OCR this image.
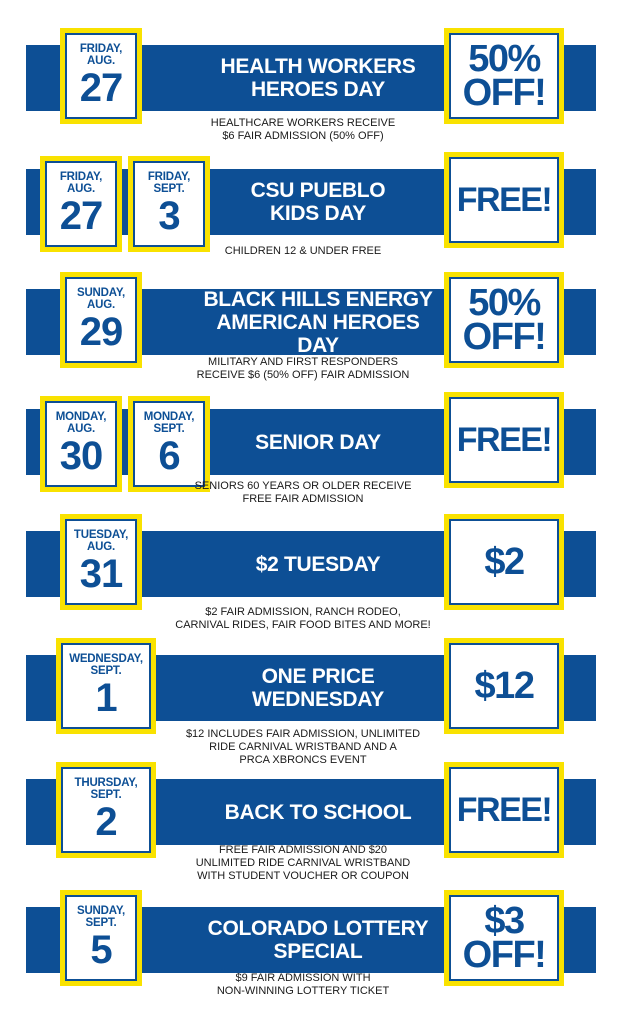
FRIDAY,
AUG.
27	HEALTH WORKERS
HEROES DAY
50%
OFF!
HEALTHCARE WORKERS RECEIVE
$6 FAIR ADMISSION (50% OFF)
FRIDAY,
AUG.
27
FRIDAY,
SEPT.
3
CSU PUEBLO
KIDS DAY	FREE!
CHILDREN 12 & UNDER FREE
SUNDAY,
AUG.
29
BLACK HILLS ENERGY
AMERICAN HEROES DAY
50%
OFF!
MILITARY AND FIRST RESPONDERS
RECEIVE $6 (50% OFF) FAIR ADMISSION
MONDAY,
AUG.
30
MONDAY,
SEPT.
6	SENIOR DAY	FREE!
SENIORS 60 YEARS OR OLDER RECEIVE
FREE FAIR ADMISSION
TUESDAY,
AUG.
31	$2 TUESDAY	$2
$2 FAIR ADMISSION, RANCH RODEO,
CARNIVAL RIDES, FAIR FOOD BITES AND MORE!
WEDNESDAY,
SEPT.
1	ONE PRICE
WEDNESDAY	$12
$12 INCLUDES FAIR ADMISSION, UNLIMITED
RIDE CARNIVAL WRISTBAND AND A
PRCA XBRONCS EVENT
THURSDAY,
SEPT.
2	BACK TO SCHOOL	FREE!
FREE FAIR ADMISSION AND $20
UNLIMITED RIDE CARNIVAL WRISTBAND
WITH STUDENT VOUCHER OR COUPON
SUNDAY,
SEPT.
5	COLORADO LOTTERY
SPECIAL
$3
OFF!
$9 FAIR ADMISSION WITH
NON-WINNING LOTTERY TICKET
